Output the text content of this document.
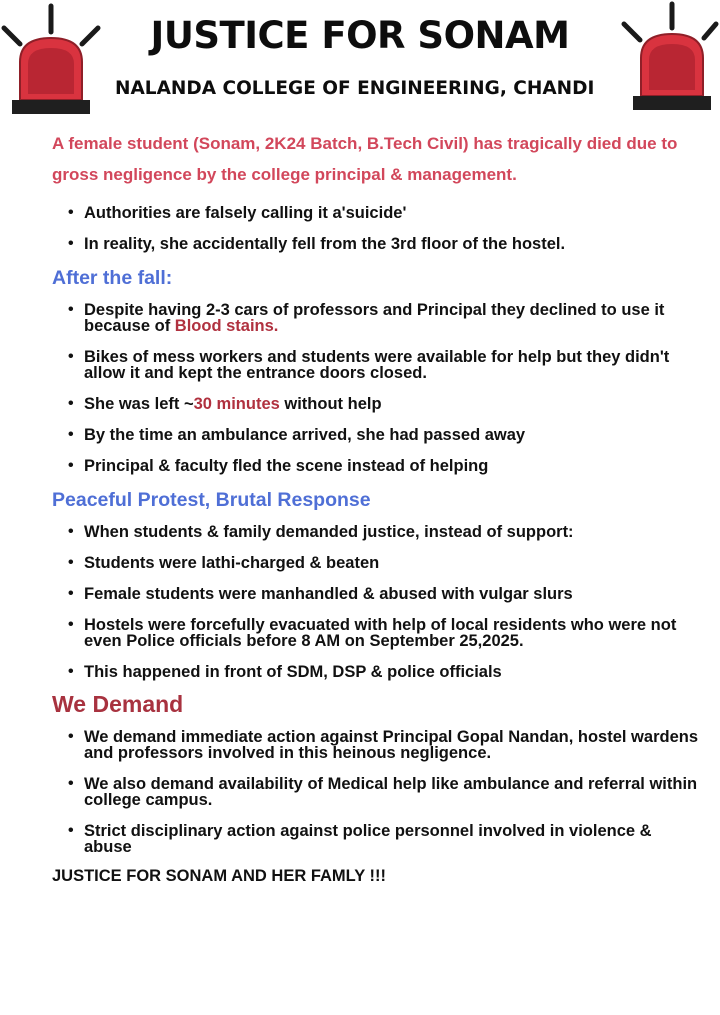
JUSTICE FOR SONAM
NALANDA COLLEGE OF ENGINEERING, CHANDI

A female student (Sonam, 2K24 Batch, B.Tech Civil) has tragically died due to gross negligence by the college principal & management.

• Authorities are falsely calling it a'suicide'
• In reality, she accidentally fell from the 3rd floor of the hostel.
After the fall:
• Despite having 2-3 cars of professors and Principal they declined to use it because of Blood stains.
• Bikes of mess workers and students were available for help but they didn't allow it and kept the entrance doors closed.
• She was left ~30 minutes without help
• By the time an ambulance arrived, she had passed away
• Principal & faculty fled the scene instead of helping
Peaceful Protest, Brutal Response
• When students & family demanded justice, instead of support:
• Students were lathi-charged & beaten
• Female students were manhandled & abused with vulgar slurs
• Hostels were forcefully evacuated with help of local residents who were not even Police officials before 8 AM on September 25,2025.
• This happened in front of SDM, DSP & police officials
We Demand
• We demand immediate action against Principal Gopal Nandan, hostel wardens and professors involved in this heinous negligence.
• We also demand availability of Medical help like ambulance and referral within college campus.
• Strict disciplinary action against police personnel involved in violence & abuse

JUSTICE FOR SONAM AND HER FAMLY !!!
